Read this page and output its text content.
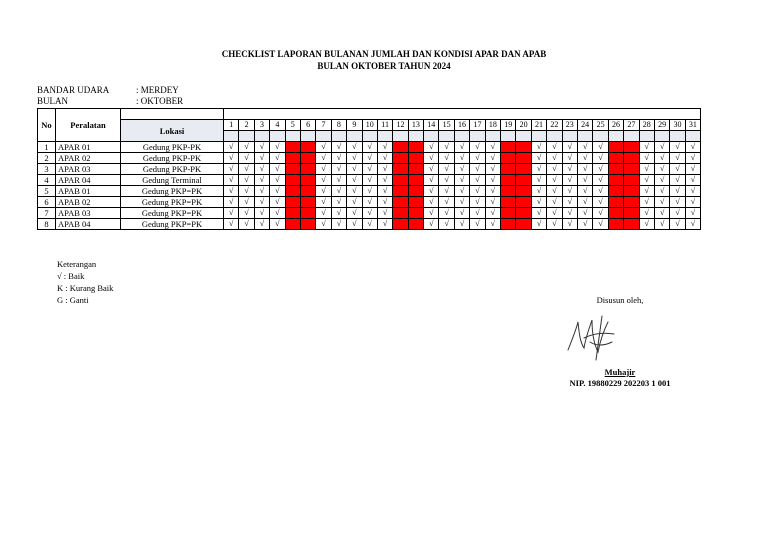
CHECKLIST LAPORAN BULANAN JUMLAH DAN KONDISI APAR DAN APAB
BULAN OKTOBER TAHUN 2024
BANDAR UDARA	: MERDEY
BULAN	: OKTOBER
No	Peralatan																																
		Lokasi	1	2	3	4	5	6	7	8	9	10	11	12	13	14	15	16	17	18	19	20	21	22	23	24	25	26	27	28	29	30	31

1	APAR 01	Gedung PKP-PK	√	√	√	√			√	√	√	√	√			√	√	√	√	√			√	√	√	√	√			√	√	√	√
2	APAR 02	Gedung PKP-PK	√	√	√	√			√	√	√	√	√			√	√	√	√	√			√	√	√	√	√			√	√	√	√
3	APAR 03	Gedung PKP-PK	√	√	√	√			√	√	√	√	√			√	√	√	√	√			√	√	√	√	√			√	√	√	√
4	APAR 04	Gedung Terminal	√	√	√	√			√	√	√	√	√			√	√	√	√	√			√	√	√	√	√			√	√	√	√
5	APAB 01	Gedung PKP=PK	√	√	√	√			√	√	√	√	√			√	√	√	√	√			√	√	√	√	√			√	√	√	√
6	APAB 02	Gedung PKP=PK	√	√	√	√			√	√	√	√	√			√	√	√	√	√			√	√	√	√	√			√	√	√	√
7	APAB 03	Gedung PKP=PK	√	√	√	√			√	√	√	√	√			√	√	√	√	√			√	√	√	√	√			√	√	√	√
8	APAB 04	Gedung PKP=PK	√	√	√	√			√	√	√	√	√			√	√	√	√	√			√	√	√	√	√			√	√	√	√
Keterangan
√ : Baik
K : Kurang Baik
G : Ganti	Disusun oleh,
Muhajir
NIP. 19880229 202203 1 001
